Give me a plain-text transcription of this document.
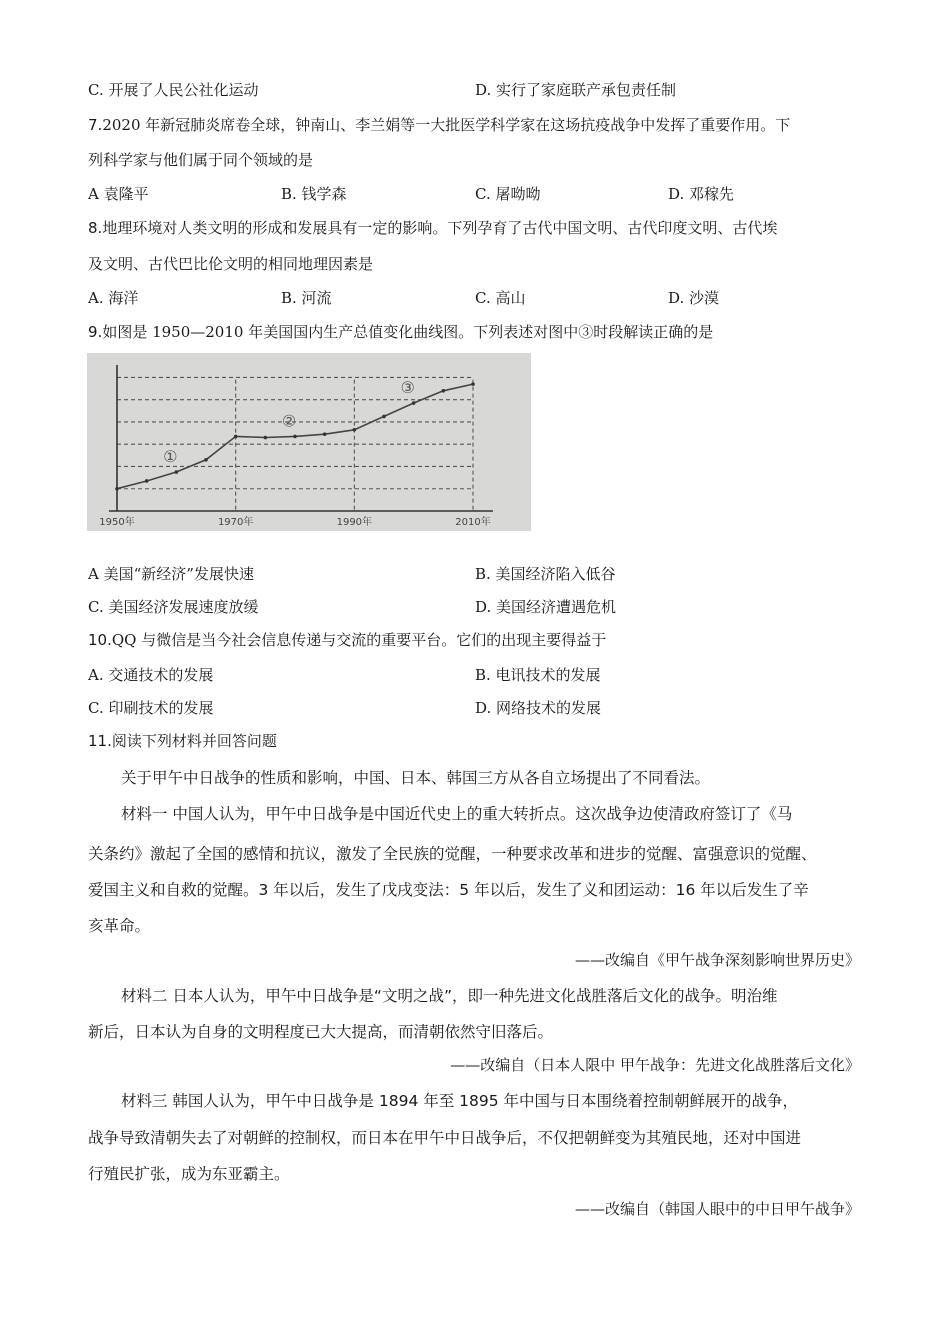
C. 开展了人民公社化运动	D. 实行了家庭联产承包责任制
7.2020 年新冠肺炎席卷全球，钟南山、李兰娟等一大批医学科学家在这场抗疫战争中发挥了重要作用。下
列科学家与他们属于同个领域的是
A 袁隆平	B. 钱学森	C. 屠呦呦	D. 邓稼先
8.地理环境对人类文明的形成和发展具有一定的影响。下列孕育了古代中国文明、古代印度文明、古代埃
及文明、古代巴比伦文明的相同地理因素是
A. 海洋	B. 河流	C. 高山	D. 沙漠
9.如图是 1950—2010 年美国国内生产总值变化曲线图。下列表述对图中③时段解读正确的是
1950年	1970年	1990年	2010年
①
②
③
A 美国“新经济”发展快速	B. 美国经济陷入低谷
C. 美国经济发展速度放缓	D. 美国经济遭遇危机
10.QQ 与微信是当今社会信息传递与交流的重要平台。它们的出现主要得益于
A. 交通技术的发展	B. 电讯技术的发展
C. 印刷技术的发展	D. 网络技术的发展
11.阅读下列材料并回答问题
关于甲午中日战争的性质和影响，中国、日本、韩国三方从各自立场提出了不同看法。
材料一 中国人认为，甲午中日战争是中国近代史上的重大转折点。这次战争边使清政府签订了《马
关条约》激起了全国的感情和抗议，激发了全民族的觉醒，一种要求改革和进步的觉醒、富强意识的觉醒、
爱国主义和自救的觉醒。3 年以后，发生了戊戌变法：5 年以后，发生了义和团运动：16 年以后发生了辛
亥革命。
——改编自《甲午战争深刻影响世界历史》
材料二 日本人认为，甲午中日战争是“文明之战”，即一种先进文化战胜落后文化的战争。明治维
新后，日本认为自身的文明程度已大大提高，而清朝依然守旧落后。
——改编自（日本人限中 甲午战争：先进文化战胜落后文化》
材料三 韩国人认为，甲午中日战争是 1894 年至 1895 年中国与日本围绕着控制朝鲜展开的战争，
战争导致清朝失去了对朝鲜的控制权，而日本在甲午中日战争后，不仅把朝鲜变为其殖民地，还对中国进
行殖民扩张，成为东亚霸主。
——改编自（韩国人眼中的中日甲午战争》
